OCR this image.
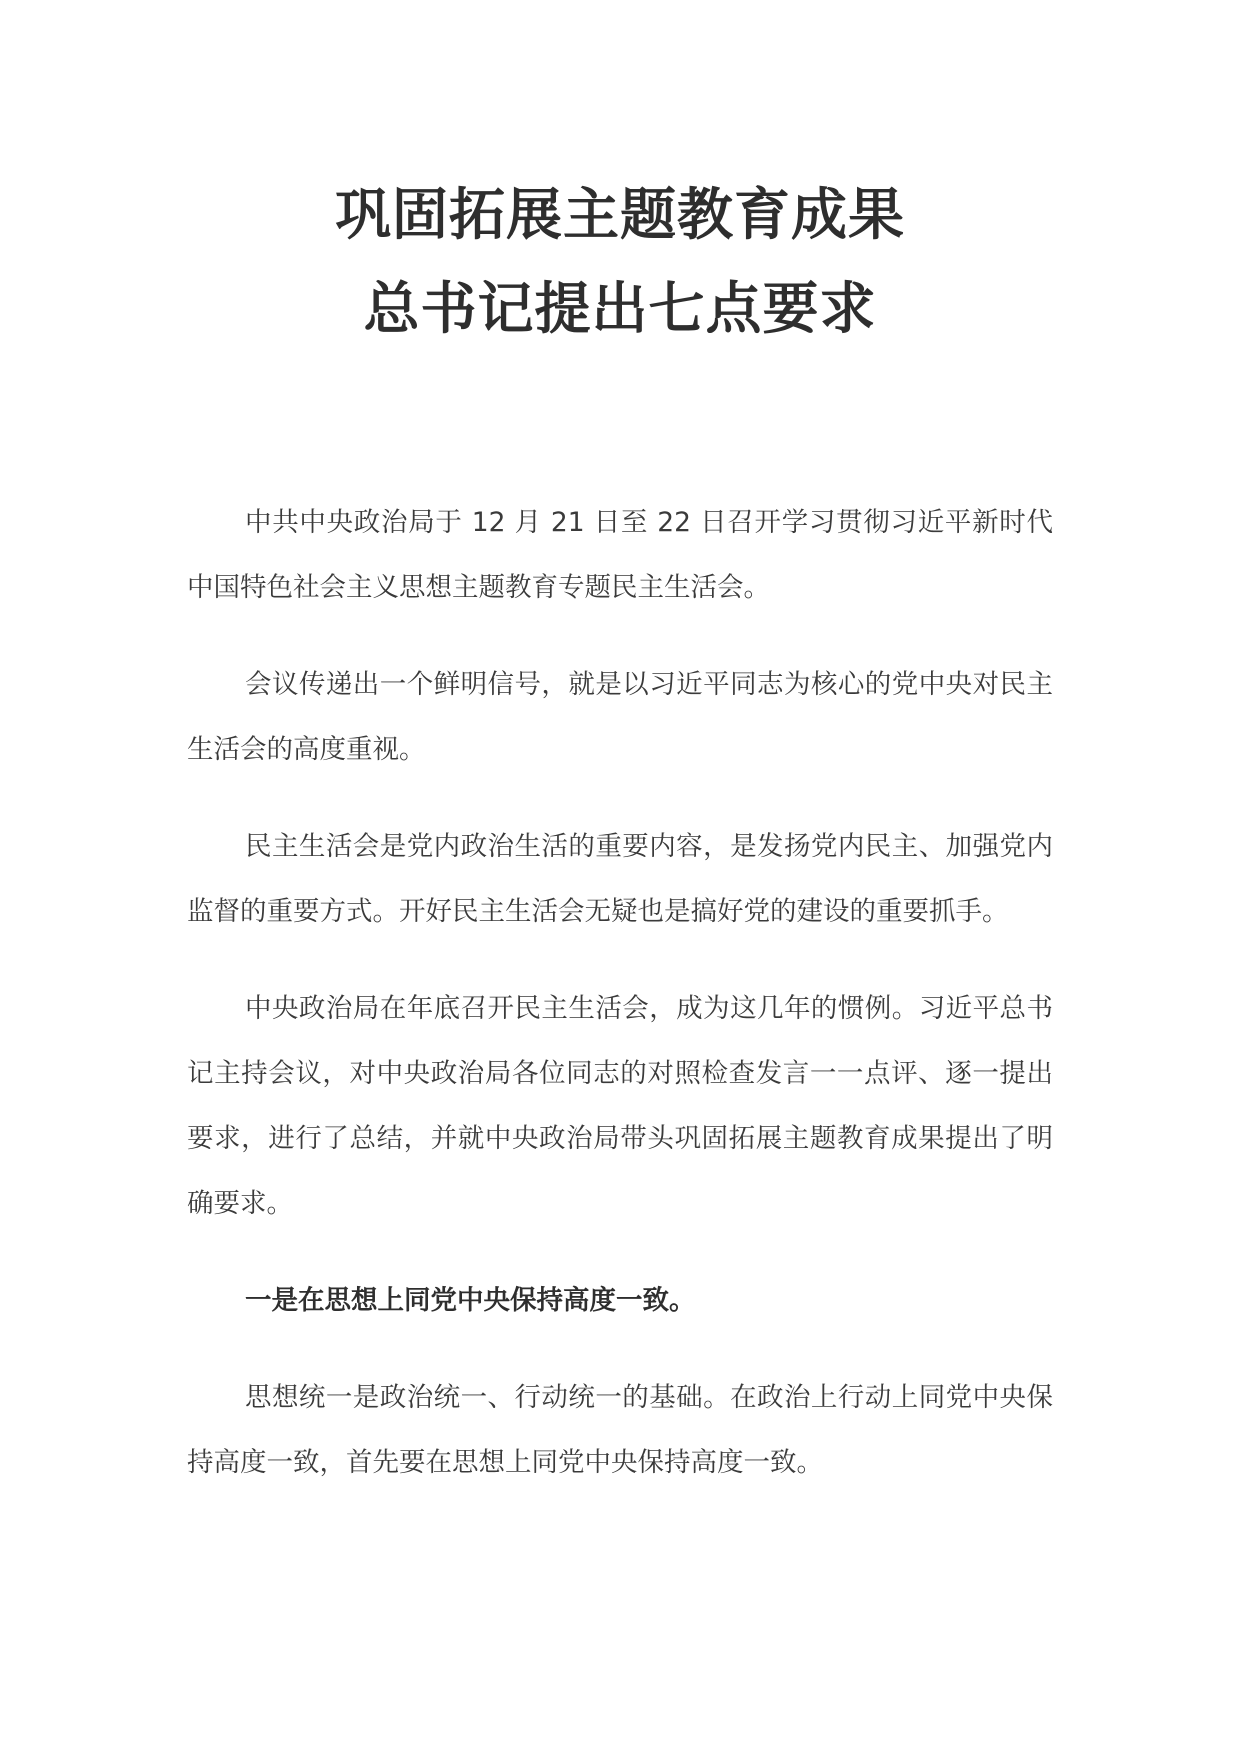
巩固拓展主题教育成果
总书记提出七点要求

中共中央政治局于 12 月 21 日至 22 日召开学习贯彻习近平新时代中国特色社会主义思想主题教育专题民主生活会。

会议传递出一个鲜明信号，就是以习近平同志为核心的党中央对民主生活会的高度重视。

民主生活会是党内政治生活的重要内容，是发扬党内民主、加强党内监督的重要方式。开好民主生活会无疑也是搞好党的建设的重要抓手。

中央政治局在年底召开民主生活会，成为这几年的惯例。习近平总书记主持会议，对中央政治局各位同志的对照检查发言一一点评、逐一提出要求，进行了总结，并就中央政治局带头巩固拓展主题教育成果提出了明确要求。

一是在思想上同党中央保持高度一致。

思想统一是政治统一、行动统一的基础。在政治上行动上同党中央保持高度一致，首先要在思想上同党中央保持高度一致。
